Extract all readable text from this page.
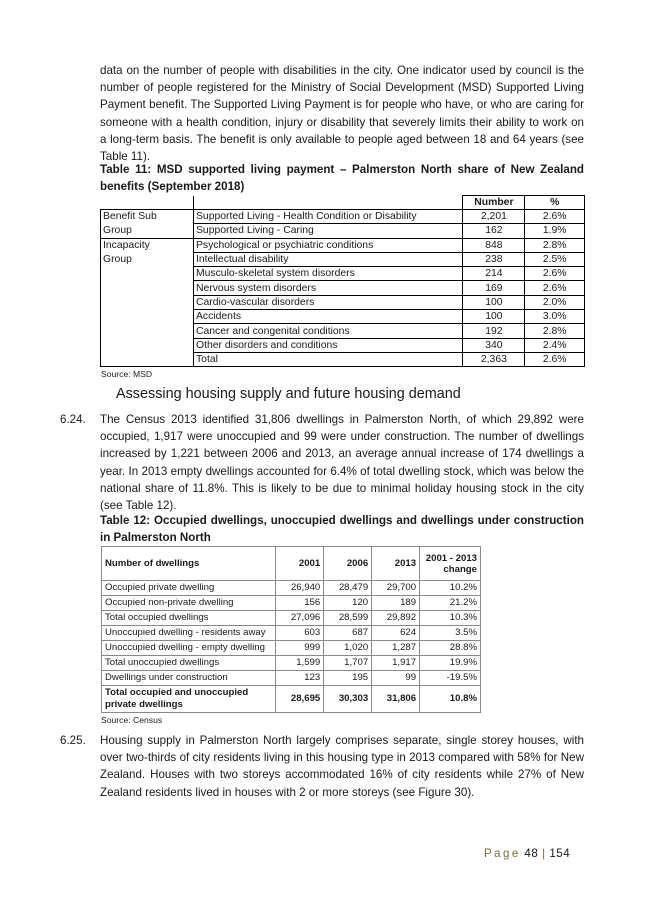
data on the number of people with disabilities in the city. One indicator used by council is the number of people registered for the Ministry of Social Development (MSD) Supported Living Payment benefit. The Supported Living Payment is for people who have, or who are caring for someone with a health condition, injury or disability that severely limits their ability to work on a long-term basis. The benefit is only available to people aged between 18 and 64 years (see Table 11).
Table 11: MSD supported living payment – Palmerston North share of New Zealand benefits (September 2018)
		Number	%
Benefit Sub	Supported Living - Health Condition or Disability	2,201	2.6%
Group	Supported Living - Caring	162	1.9%
Incapacity	Psychological or psychiatric conditions	848	2.8%
Group	Intellectual disability	238	2.5%
	Musculo-skeletal system disorders	214	2.6%
	Nervous system disorders	169	2.6%
	Cardio-vascular disorders	100	2.0%
	Accidents	100	3.0%
	Cancer and congenital conditions	192	2.8%
	Other disorders and conditions	340	2.4%
	Total	2,363	2.6%
Source: MSD
Assessing housing supply and future housing demand
6.24. The Census 2013 identified 31,806 dwellings in Palmerston North, of which 29,892 were occupied, 1,917 were unoccupied and 99 were under construction. The number of dwellings increased by 1,221 between 2006 and 2013, an average annual increase of 174 dwellings a year. In 2013 empty dwellings accounted for 6.4% of total dwelling stock, which was below the national share of 11.8%. This is likely to be due to minimal holiday housing stock in the city (see Table 12).
Table 12: Occupied dwellings, unoccupied dwellings and dwellings under construction in Palmerston North
Number of dwellings	2001	2006	2013	2001 - 2013 change
Occupied private dwelling	26,940	28,479	29,700	10.2%
Occupied non-private dwelling	156	120	189	21.2%
Total occupied dwellings	27,096	28,599	29,892	10.3%
Unoccupied dwelling - residents away	603	687	624	3.5%
Unoccupied dwelling - empty dwelling	999	1,020	1,287	28.8%
Total unoccupied dwellings	1,599	1,707	1,917	19.9%
Dwellings under construction	123	195	99	-19.5%
Total occupied and unoccupied private dwellings	28,695	30,303	31,806	10.8%
Source: Census
6.25. Housing supply in Palmerston North largely comprises separate, single storey houses, with over two-thirds of city residents living in this housing type in 2013 compared with 58% for New Zealand. Houses with two storeys accommodated 16% of city residents while 27% of New Zealand residents lived in houses with 2 or more storeys (see Figure 30).
Page 48 | 154
